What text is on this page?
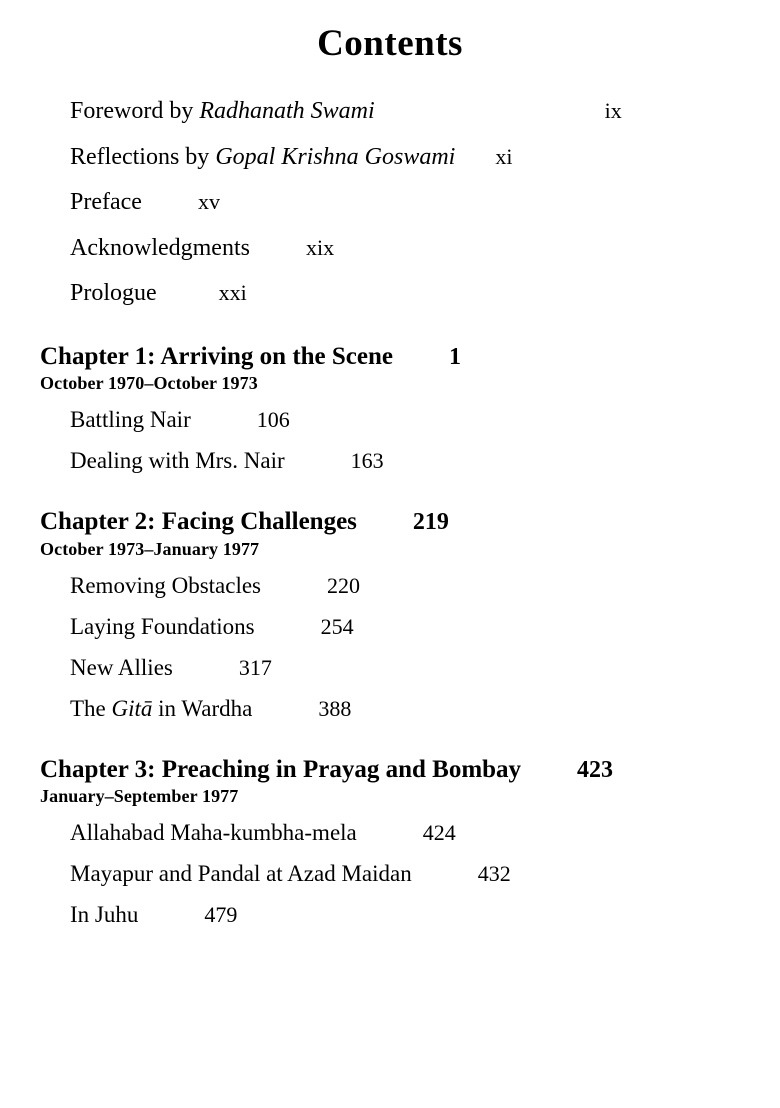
Contents
Foreword by Radhanath Swami	ix
Reflections by Gopal Krishna Goswami xi
Preface	xv
Acknowledgments	xix
Prologue	xxi
Chapter 1: Arriving on the Scene 1
October 1970–October 1973
Battling Nair	106
Dealing with Mrs. Nair	163
Chapter 2: Facing Challenges 219
October 1973–January 1977
Removing Obstacles	220
Laying Foundations	254
New Allies	317
The Gitā in Wardha	388
Chapter 3: Preaching in Prayag and Bombay 423
January–September 1977
Allahabad Maha-kumbha-mela	424
Mayapur and Pandal at Azad Maidan	432
In Juhu	479
